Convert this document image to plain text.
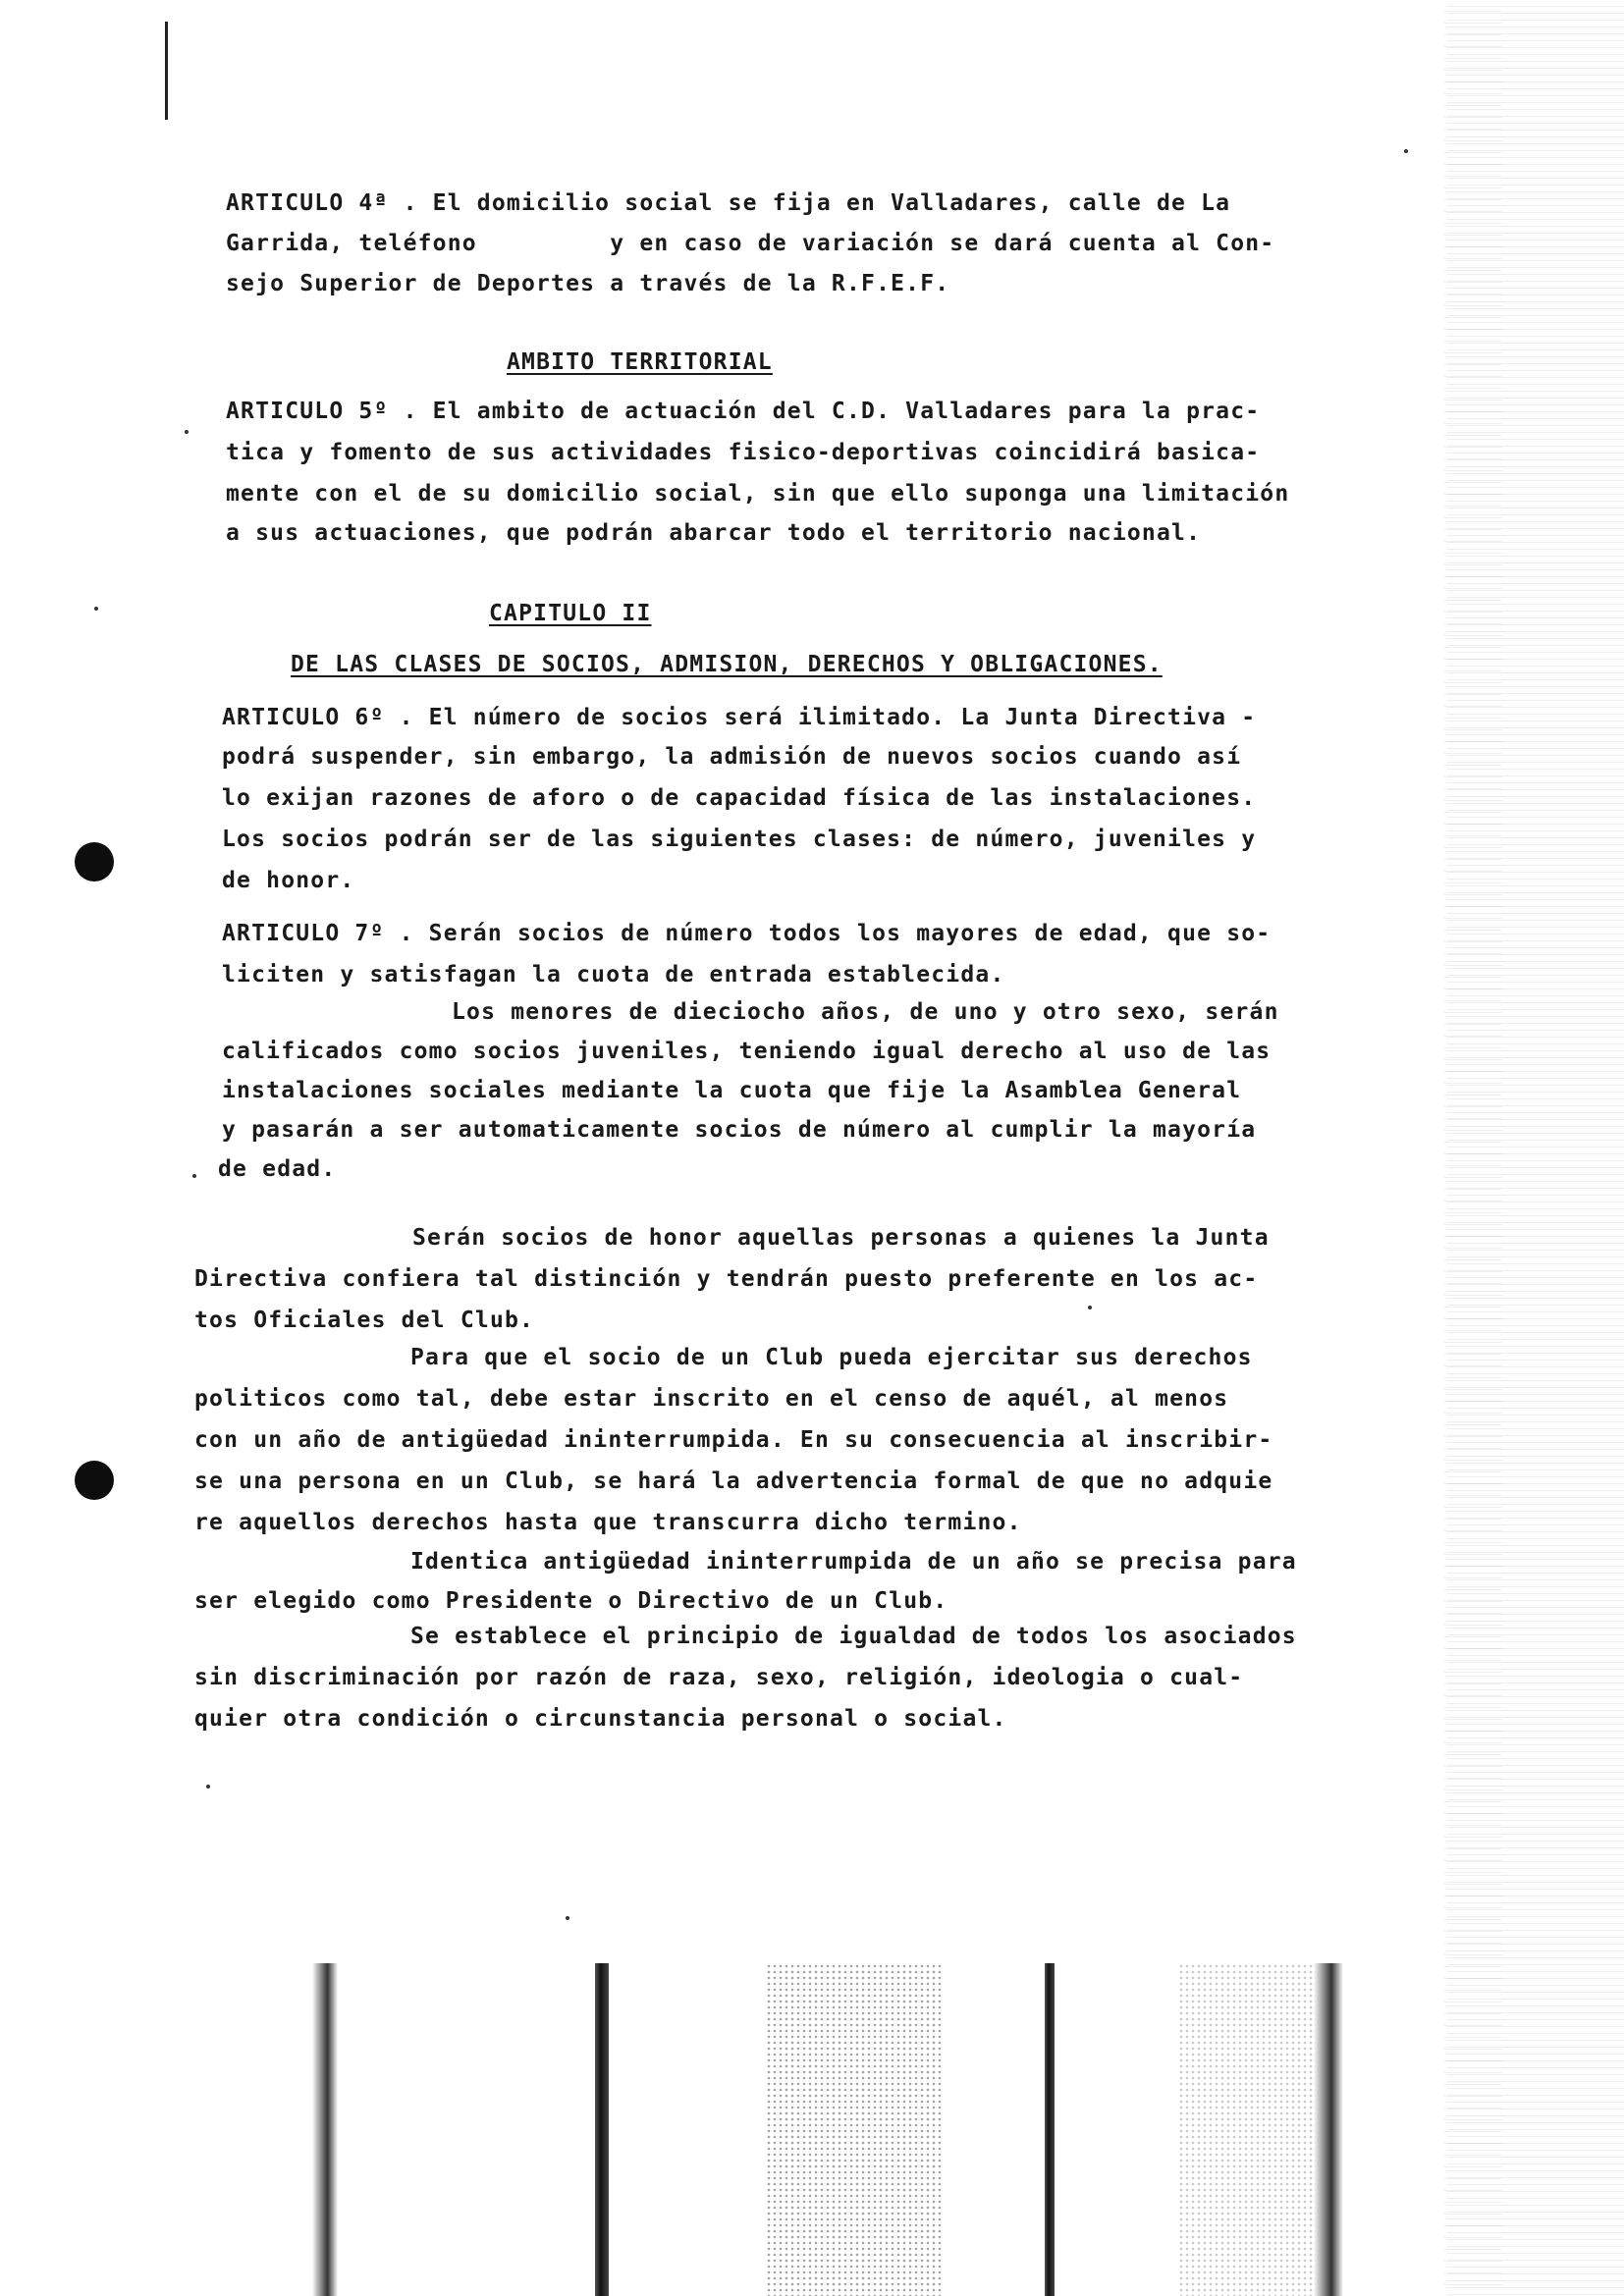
ARTICULO 4ª . El domicilio social se fija en Valladares, calle de La
Garrida, teléfono         y en caso de variación se dará cuenta al Con-
sejo Superior de Deportes a través de la R.F.E.F.
AMBITO TERRITORIAL
ARTICULO 5º . El ambito de actuación del C.D. Valladares para la prac-
tica y fomento de sus actividades fisico-deportivas coincidirá basica-
mente con el de su domicilio social, sin que ello suponga una limitación
a sus actuaciones, que podrán abarcar todo el territorio nacional.
CAPITULO II
DE LAS CLASES DE SOCIOS, ADMISION, DERECHOS Y OBLIGACIONES.
ARTICULO 6º . El número de socios será ilimitado. La Junta Directiva -
podrá suspender, sin embargo, la admisión de nuevos socios cuando así
lo exijan razones de aforo o de capacidad física de las instalaciones.
Los socios podrán ser de las siguientes clases: de número, juveniles y
de honor.
ARTICULO 7º . Serán socios de número todos los mayores de edad, que so-
liciten y satisfagan la cuota de entrada establecida.
Los menores de dieciocho años, de uno y otro sexo, serán
calificados como socios juveniles, teniendo igual derecho al uso de las
instalaciones sociales mediante la cuota que fije la Asamblea General
y pasarán a ser automaticamente socios de número al cumplir la mayoría
de edad.
Serán socios de honor aquellas personas a quienes la Junta
Directiva confiera tal distinción y tendrán puesto preferente en los ac-
tos Oficiales del Club.
Para que el socio de un Club pueda ejercitar sus derechos
politicos como tal, debe estar inscrito en el censo de aquél, al menos
con un año de antigüedad ininterrumpida. En su consecuencia al inscribir-
se una persona en un Club, se hará la advertencia formal de que no adquie
re aquellos derechos hasta que transcurra dicho termino.
Identica antigüedad ininterrumpida de un año se precisa para
ser elegido como Presidente o Directivo de un Club.
Se establece el principio de igualdad de todos los asociados
sin discriminación por razón de raza, sexo, religión, ideologia o cual-
quier otra condición o circunstancia personal o social.
